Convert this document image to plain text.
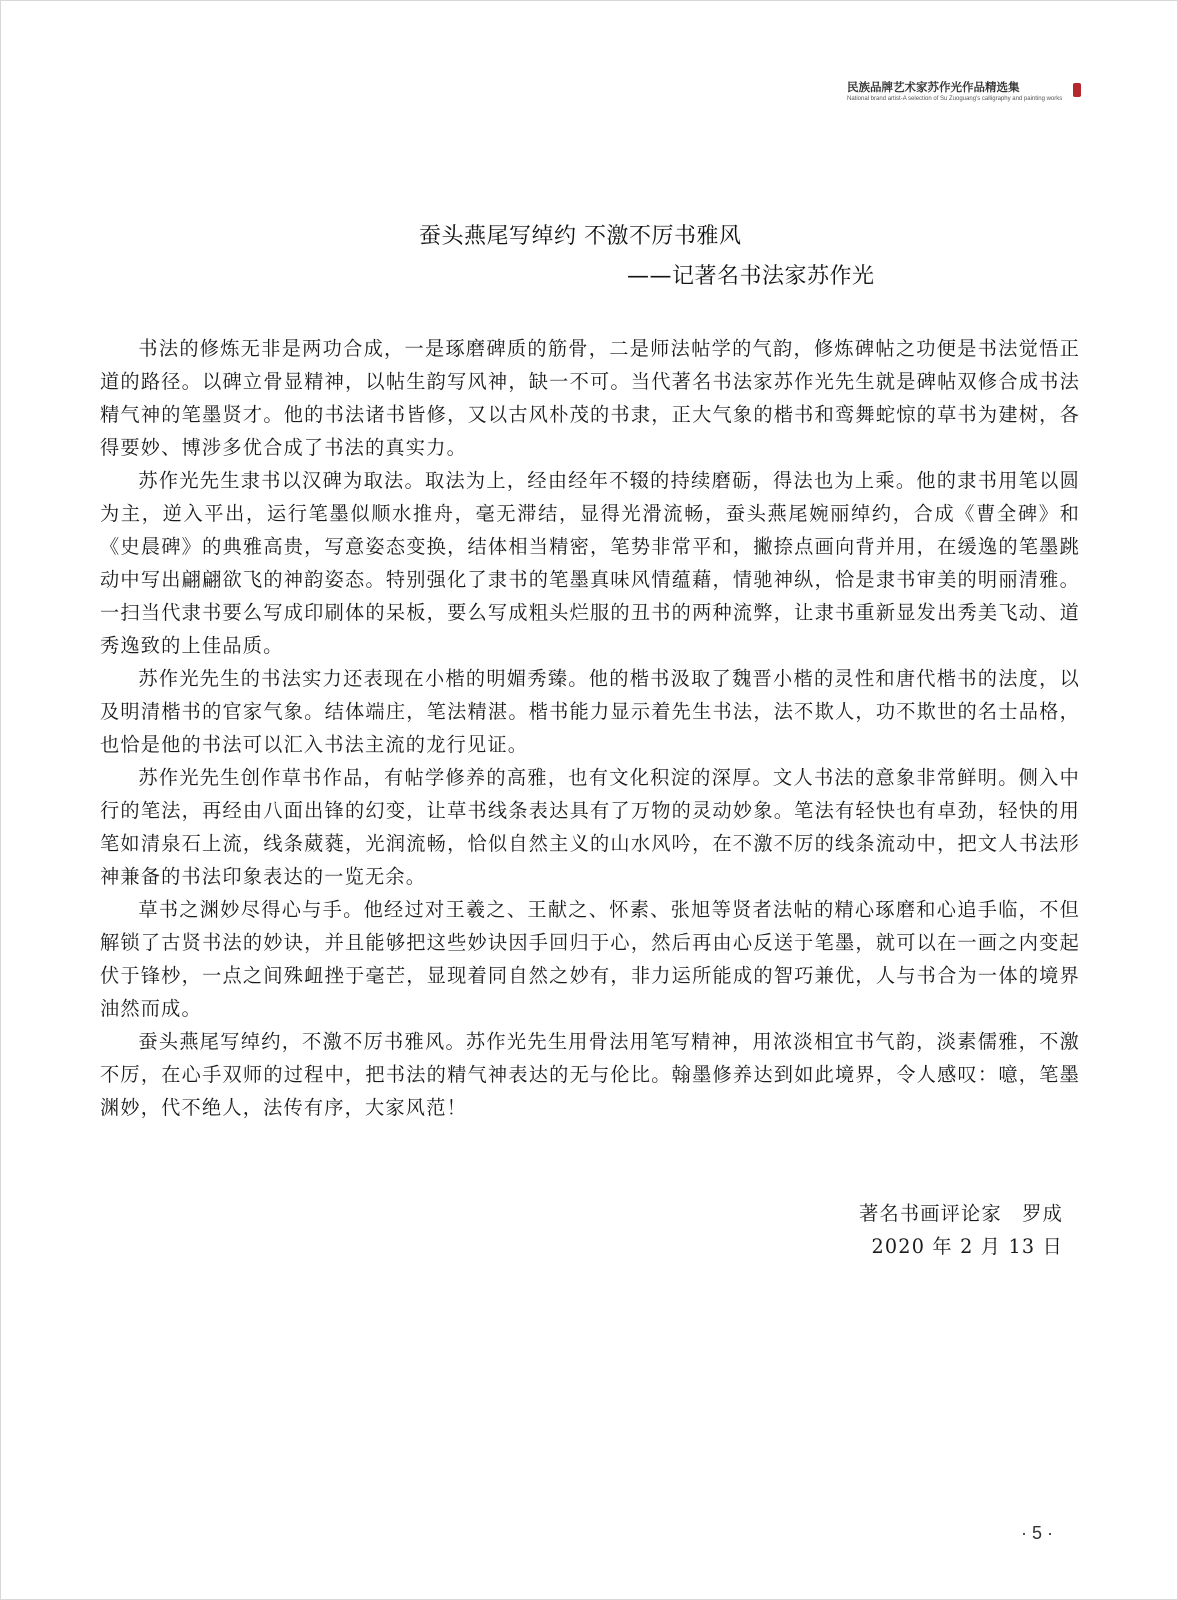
民族品牌艺术家苏作光作品精选集
National brand artist-A selection of Su Zuoguang's calligraphy and painting works
蚕头燕尾写绰约 不激不厉书雅风
——记著名书法家苏作光

书法的修炼无非是两功合成，一是琢磨碑质的筋骨，二是师法帖学的气韵，修炼碑帖之功便是书法觉悟正道的路径。以碑立骨显精神，以帖生韵写风神，缺一不可。当代著名书法家苏作光先生就是碑帖双修合成书法精气神的笔墨贤才。他的书法诸书皆修，又以古风朴茂的书隶，正大气象的楷书和鸾舞蛇惊的草书为建树，各得要妙、博涉多优合成了书法的真实力。

苏作光先生隶书以汉碑为取法。取法为上，经由经年不辍的持续磨砺，得法也为上乘。他的隶书用笔以圆为主，逆入平出，运行笔墨似顺水推舟，毫无滞结，显得光滑流畅，蚕头燕尾婉丽绰约，合成《曹全碑》和《史晨碑》的典雅高贵，写意姿态变换，结体相当精密，笔势非常平和，撇捺点画向背并用，在缓逸的笔墨跳动中写出翩翩欲飞的神韵姿态。特别强化了隶书的笔墨真味风情蕴藉，情驰神纵，恰是隶书审美的明丽清雅。一扫当代隶书要么写成印刷体的呆板，要么写成粗头烂服的丑书的两种流弊，让隶书重新显发出秀美飞动、道秀逸致的上佳品质。

苏作光先生的书法实力还表现在小楷的明媚秀臻。他的楷书汲取了魏晋小楷的灵性和唐代楷书的法度，以及明清楷书的官家气象。结体端庄，笔法精湛。楷书能力显示着先生书法，法不欺人，功不欺世的名士品格，也恰是他的书法可以汇入书法主流的龙行见证。

苏作光先生创作草书作品，有帖学修养的高雅，也有文化积淀的深厚。文人书法的意象非常鲜明。侧入中行的笔法，再经由八面出锋的幻变，让草书线条表达具有了万物的灵动妙象。笔法有轻快也有卓劲，轻快的用笔如清泉石上流，线条葳蕤，光润流畅，恰似自然主义的山水风吟，在不激不厉的线条流动中，把文人书法形神兼备的书法印象表达的一览无余。

草书之渊妙尽得心与手。他经过对王羲之、王献之、怀素、张旭等贤者法帖的精心琢磨和心追手临，不但解锁了古贤书法的妙诀，并且能够把这些妙诀因手回归于心，然后再由心反送于笔墨，就可以在一画之内变起伏于锋杪，一点之间殊衄挫于毫芒，显现着同自然之妙有，非力运所能成的智巧兼优，人与书合为一体的境界油然而成。

蚕头燕尾写绰约，不激不厉书雅风。苏作光先生用骨法用笔写精神，用浓淡相宜书气韵，淡素儒雅，不激不厉，在心手双师的过程中，把书法的精气神表达的无与伦比。翰墨修养达到如此境界，令人感叹：噫，笔墨渊妙，代不绝人，法传有序，大家风范！

著名书画评论家　罗成
2020 年 2 月 13 日
· 5 ·
